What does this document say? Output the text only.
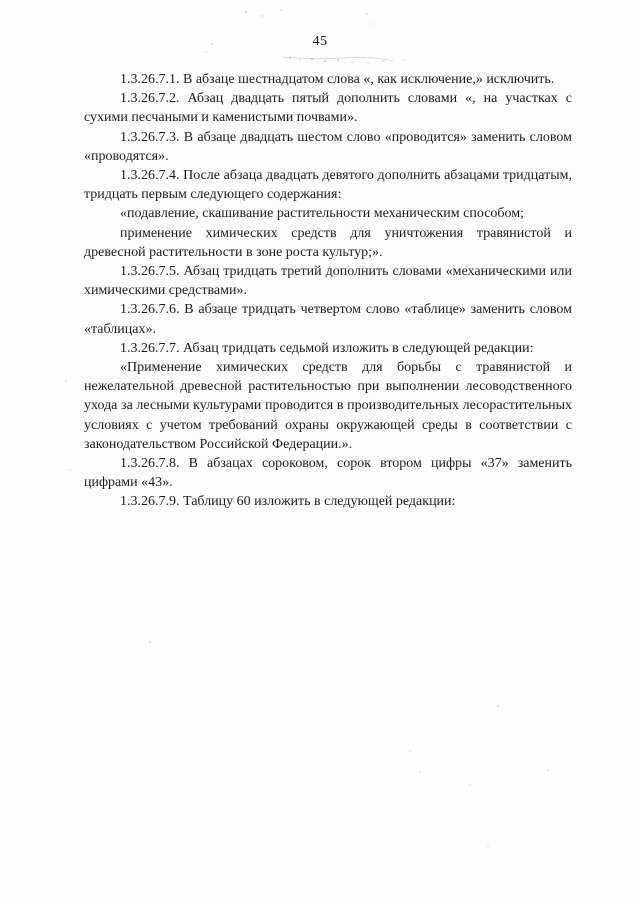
45

1.3.26.7.1. В абзаце шестнадцатом слова «, как исключение,» исключить.

1.3.26.7.2. Абзац двадцать пятый дополнить словами «, на участках с сухими песчаными и каменистыми почвами».

1.3.26.7.3. В абзаце двадцать шестом слово «проводится» заменить словом «проводятся».

1.3.26.7.4. После абзаца двадцать девятого дополнить абзацами тридцатым, тридцать первым следующего содержания:

«подавление, скашивание растительности механическим способом;

применение химических средств для уничтожения травянистой и древесной растительности в зоне роста культур;».

1.3.26.7.5. Абзац тридцать третий дополнить словами «механическими или химическими средствами».

1.3.26.7.6. В абзаце тридцать четвертом слово «таблице» заменить словом «таблицах».

1.3.26.7.7. Абзац тридцать седьмой изложить в следующей редакции:

«Применение химических средств для борьбы с травянистой и нежелательной древесной растительностью при выполнении лесоводственного ухода за лесными культурами проводится в производительных лесорастительных условиях с учетом требований охраны окружающей среды в соответствии с законодательством Российской Федерации.».

1.3.26.7.8. В абзацах сороковом, сорок втором цифры «37» заменить цифрами «43».

1.3.26.7.9. Таблицу 60 изложить в следующей редакции:
